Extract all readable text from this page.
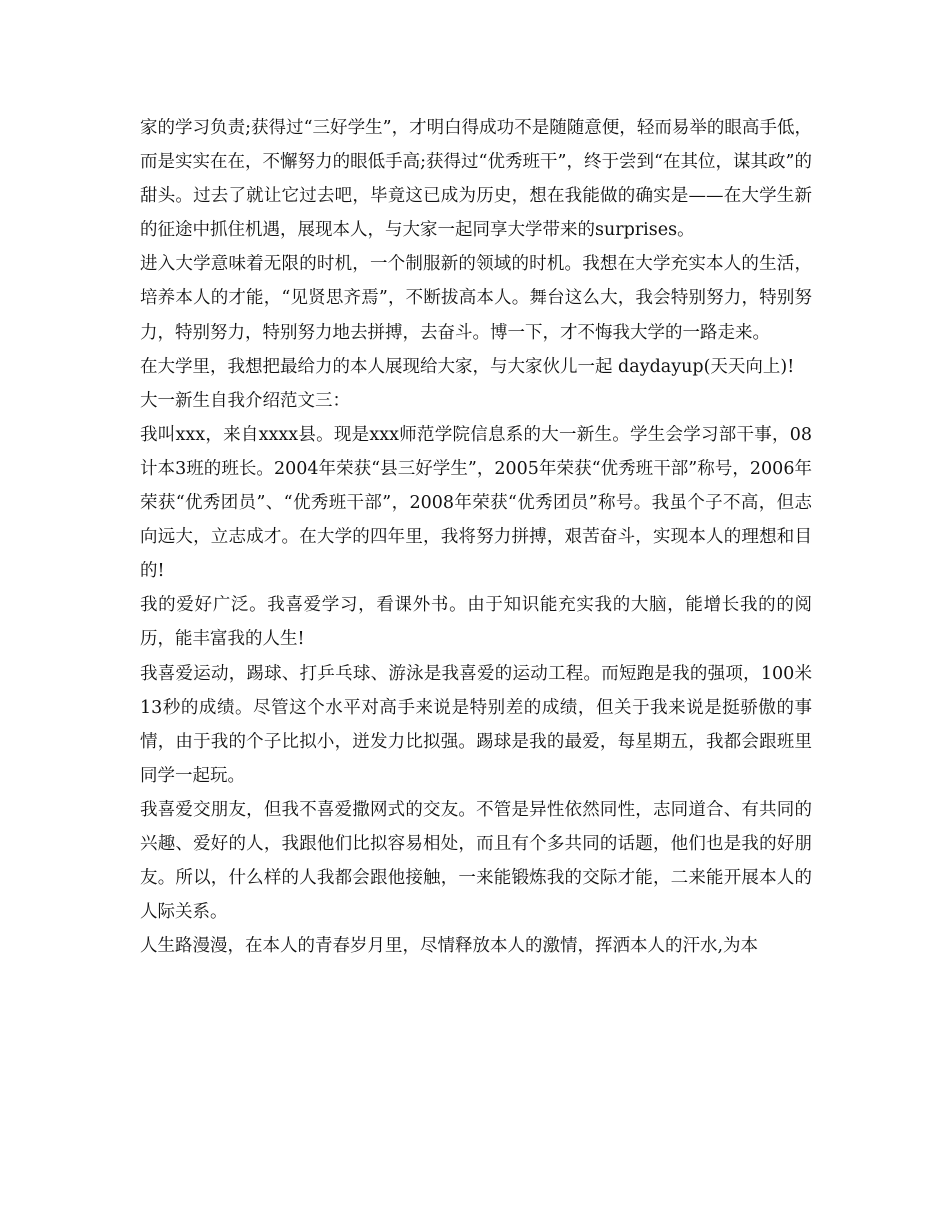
家的学习负责;获得过“三好学生”，才明白得成功不是随随意便，轻而易举的眼高手低，而是实实在在，不懈努力的眼低手高;获得过“优秀班干”，终于尝到“在其位，谋其政”的甜头。过去了就让它过去吧，毕竟这已成为历史，想在我能做的确实是——在大学生新的征途中抓住机遇，展现本人，与大家一起同享大学带来的surprises。

进入大学意味着无限的时机，一个制服新的领域的时机。我想在大学充实本人的生活，培养本人的才能，“见贤思齐焉”，不断拔高本人。舞台这么大，我会特别努力，特别努力，特别努力，特别努力地去拼搏，去奋斗。博一下，才不悔我大学的一路走来。

在大学里，我想把最给力的本人展现给大家，与大家伙儿一起 daydayup(天天向上)!

大一新生自我介绍范文三：

我叫xxx，来自xxxx县。现是xxx师范学院信息系的大一新生。学生会学习部干事，08计本3班的班长。2004年荣获“县三好学生”，2005年荣获“优秀班干部”称号，2006年荣获“优秀团员”、“优秀班干部”，2008年荣获“优秀团员”称号。我虽个子不高，但志向远大，立志成才。在大学的四年里，我将努力拼搏，艰苦奋斗，实现本人的理想和目的!

我的爱好广泛。我喜爱学习，看课外书。由于知识能充实我的大脑，能增长我的的阅历，能丰富我的人生!

我喜爱运动，踢球、打乒乓球、游泳是我喜爱的运动工程。而短跑是我的强项，100米13秒的成绩。尽管这个水平对高手来说是特别差的成绩，但关于我来说是挺骄傲的事情，由于我的个子比拟小，迸发力比拟强。踢球是我的最爱，每星期五，我都会跟班里同学一起玩。

我喜爱交朋友，但我不喜爱撒网式的交友。不管是异性依然同性，志同道合、有共同的兴趣、爱好的人，我跟他们比拟容易相处，而且有个多共同的话题，他们也是我的好朋友。所以，什么样的人我都会跟他接触，一来能锻炼我的交际才能，二来能开展本人的人际关系。

人生路漫漫，在本人的青春岁月里，尽情释放本人的激情，挥洒本人的汗水,为本
